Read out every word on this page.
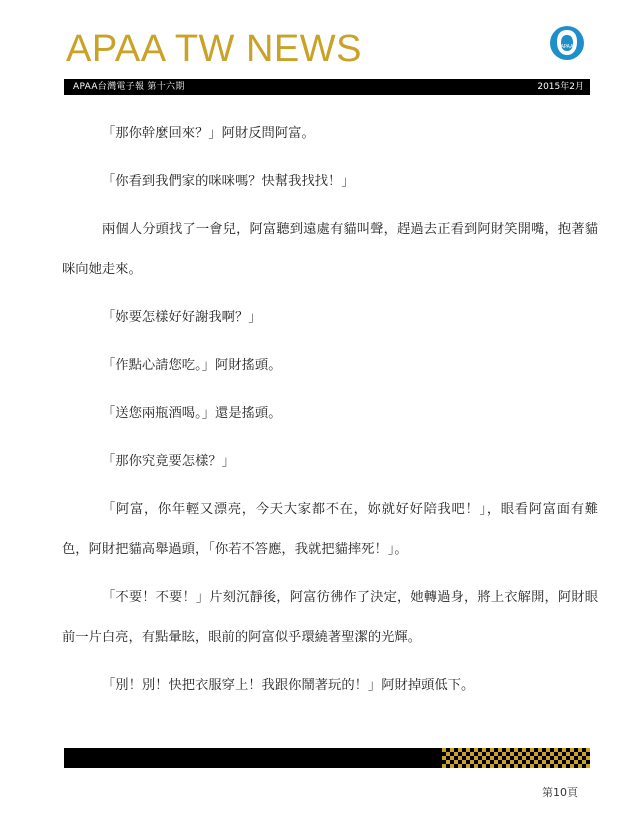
APAA TW NEWS	APAA
APAA台灣電子報 第十六期	2015年2月

「那你幹麼回來？」阿財反問阿富。

「你看到我們家的咪咪嗎？快幫我找找！」

兩個人分頭找了一會兒，阿富聽到遠處有貓叫聲，趕過去正看到阿財笑開嘴，抱著貓咪向她走來。

「妳要怎樣好好謝我啊？」

「作點心請您吃。」阿財搖頭。

「送您兩瓶酒喝。」還是搖頭。

「那你究竟要怎樣？」

「阿富，你年輕又漂亮，今天大家都不在，妳就好好陪我吧！」，眼看阿富面有難色，阿財把貓高舉過頭，「你若不答應，我就把貓摔死！」。

「不要！不要！」片刻沉靜後，阿富彷彿作了決定，她轉過身，將上衣解開，阿財眼前一片白亮，有點暈眩，眼前的阿富似乎環繞著聖潔的光輝。

「別！別！快把衣服穿上！我跟你鬧著玩的！」阿財掉頭低下。

第10頁
